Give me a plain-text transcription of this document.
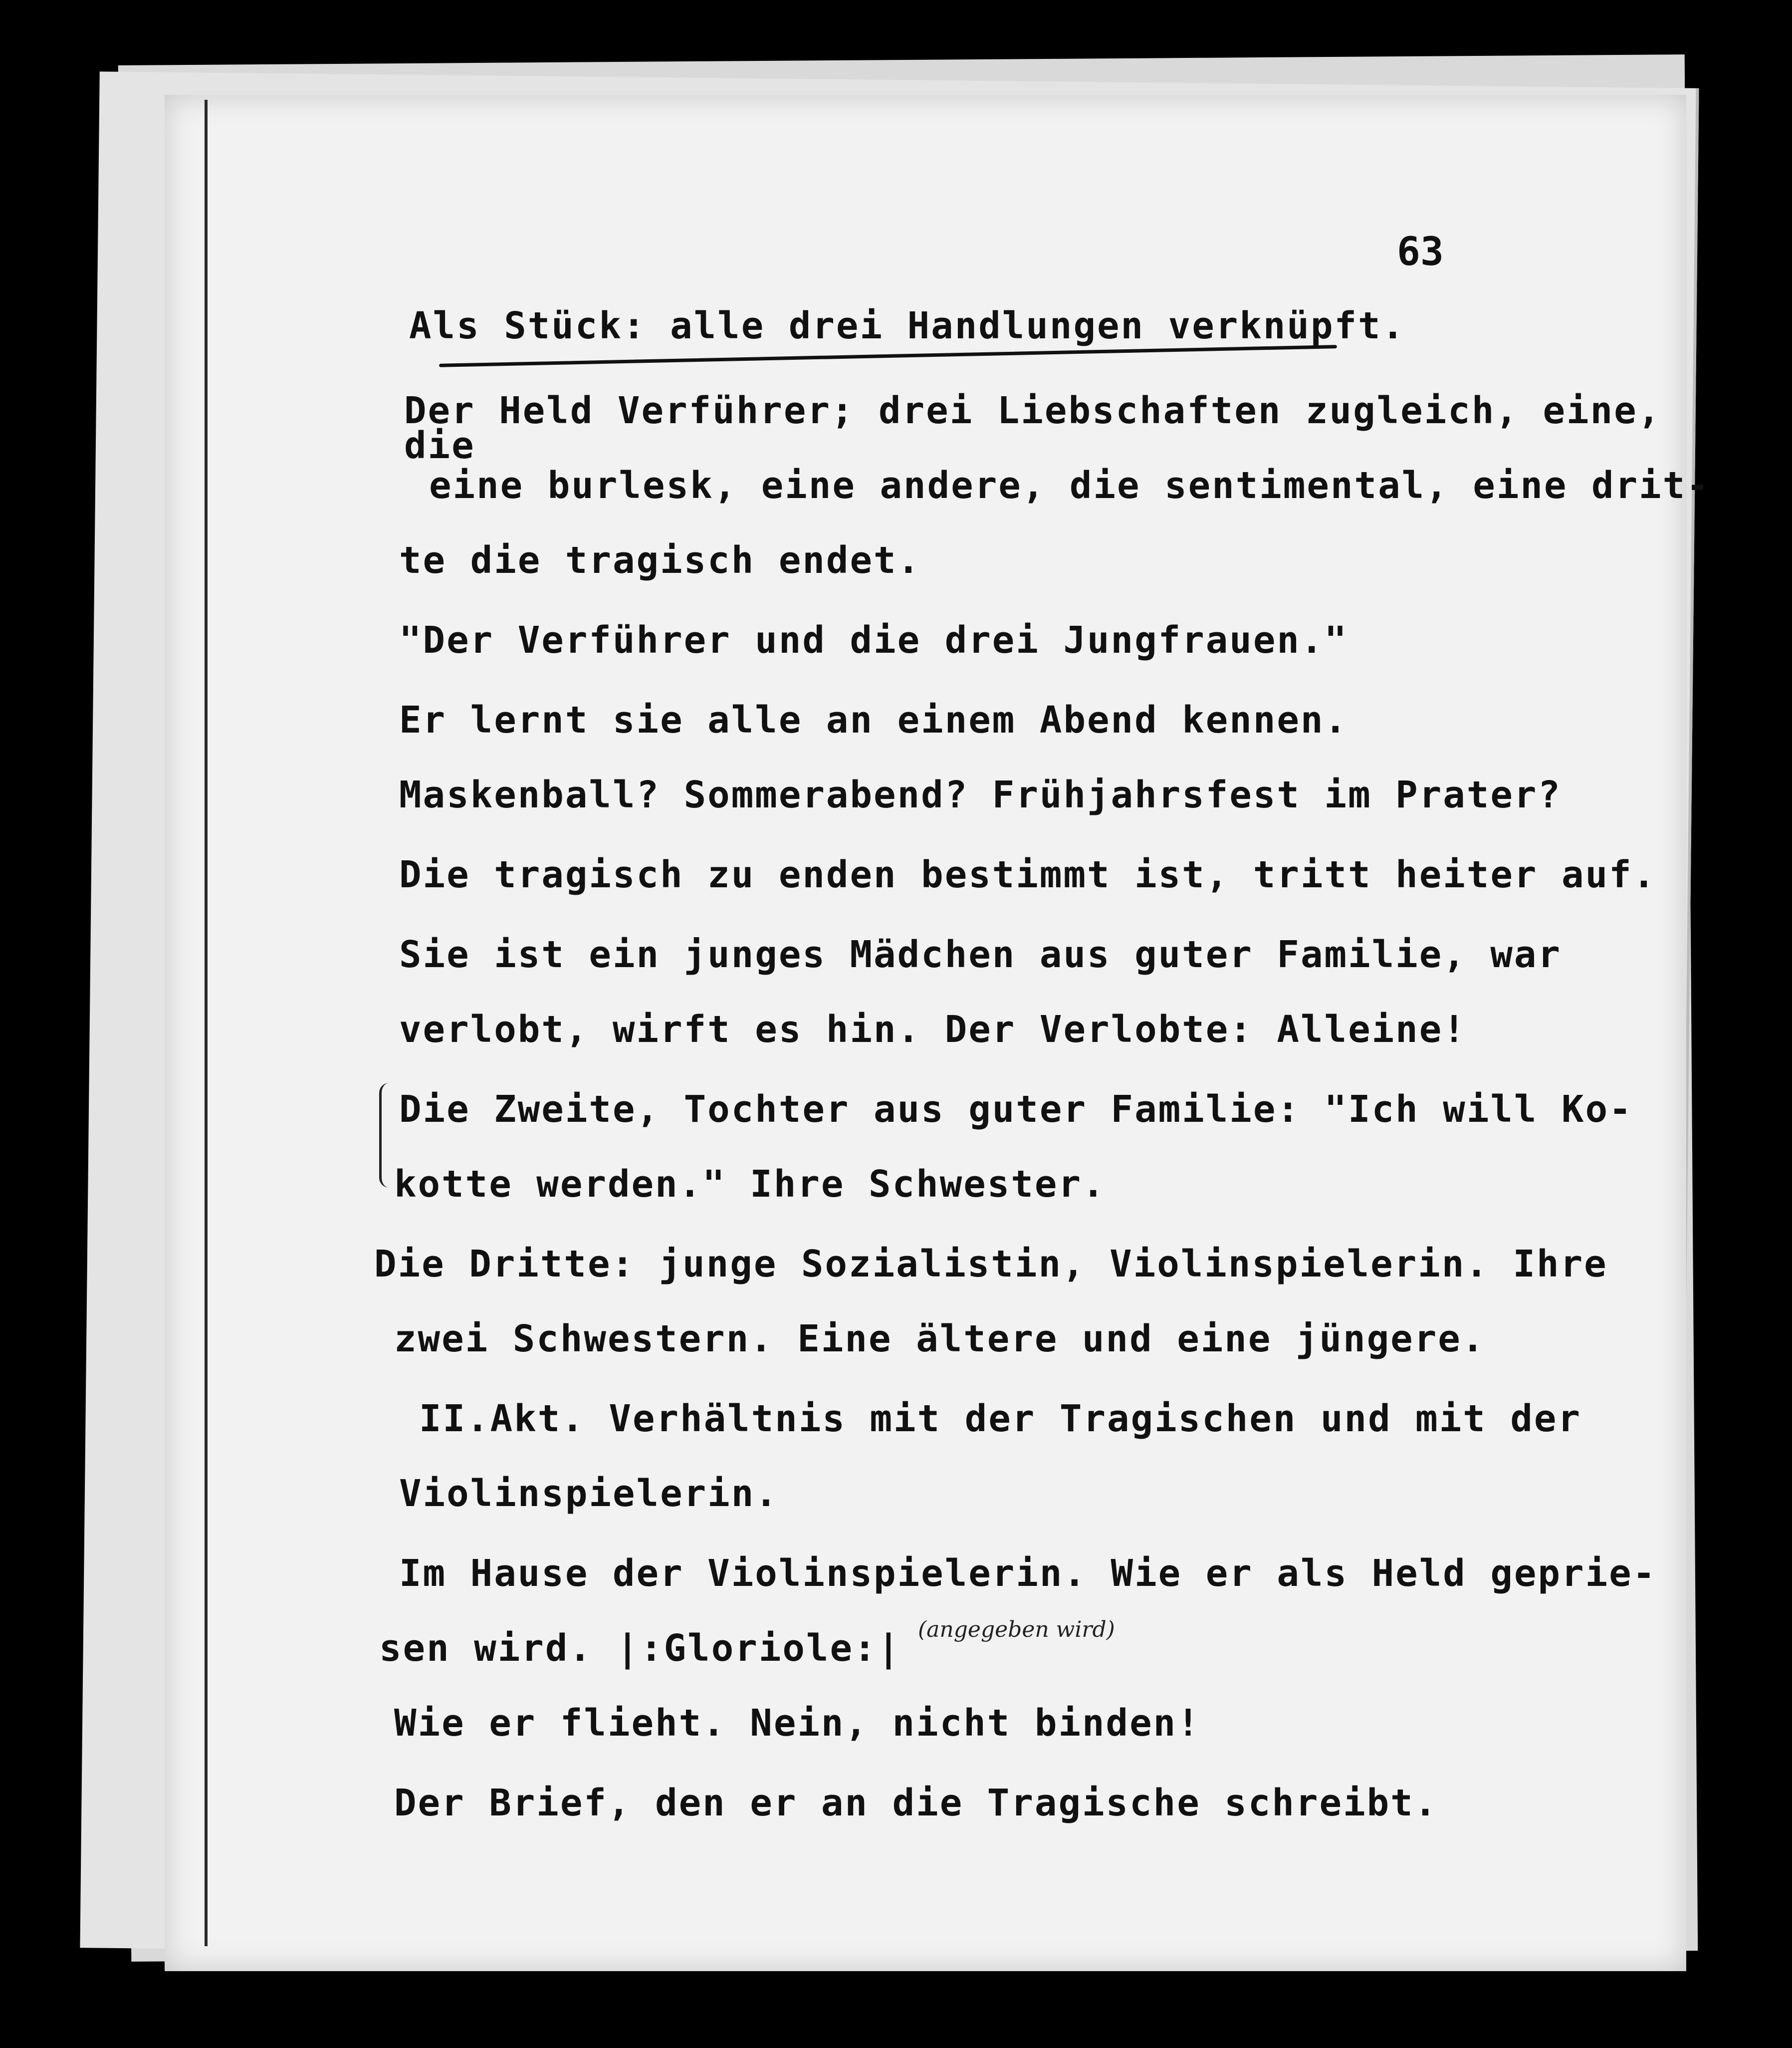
63
Als Stück: alle drei Handlungen verknüpft.
Der Held Verführer; drei Liebschaften zugleich, eine,
die
eine burlesk, eine andere, die sentimental, eine drit-
te die tragisch endet.
"Der Verführer und die drei Jungfrauen."
Er lernt sie alle an einem Abend kennen.
Maskenball? Sommerabend? Frühjahrsfest im Prater?
Die tragisch zu enden bestimmt ist, tritt heiter auf.
Sie ist ein junges Mädchen aus guter Familie, war
verlobt, wirft es hin. Der Verlobte: Alleine!
Die Zweite, Tochter aus guter Familie: "Ich will Ko-
kotte werden." Ihre Schwester.
Die Dritte: junge Sozialistin, Violinspielerin. Ihre
zwei Schwestern. Eine ältere und eine jüngere.
II.Akt. Verhältnis mit der Tragischen und mit der
Violinspielerin.
Im Hause der Violinspielerin. Wie er als Held geprie-
sen wird. |:Gloriole:| (angegeben wird)
Wie er flieht. Nein, nicht binden!
Der Brief, den er an die Tragische schreibt.
